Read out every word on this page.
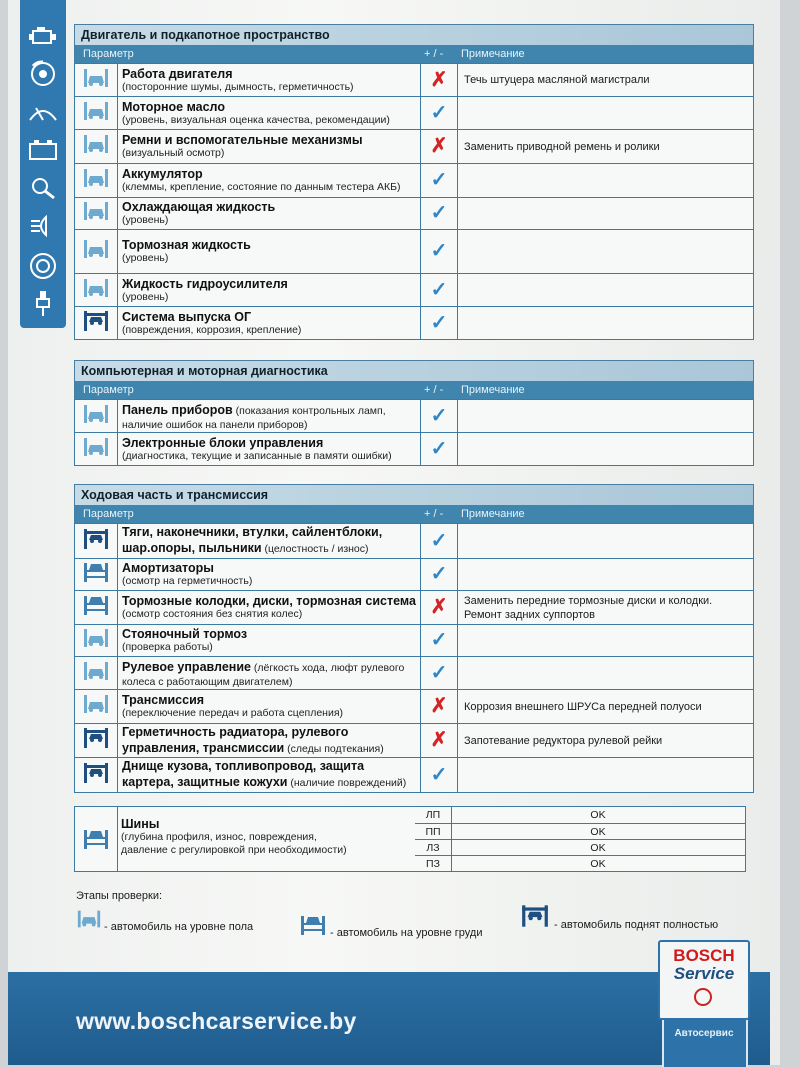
Двигатель и подкапотное пространство
Параметр	+ / - Примечание

Работа двигателя
(посторонние шумы, дымность, герметичность)	✗	Течь штуцера масляной магистрали

Моторное масло
(уровень, визуальная оценка качества, рекомендации)	✓	

Ремни и вспомогательные механизмы
(визуальный осмотр)	✗	Заменить приводной ремень и ролики

Аккумулятор
(клеммы, крепление, состояние по данным тестера АКБ)	✓	

Охлаждающая жидкость
(уровень)	✓	

Тормозная жидкость
(уровень)	✓	

Жидкость гидроусилителя
(уровень)	✓	

Система выпуска ОГ
(повреждения, коррозия, крепление)	✓	
Компьютерная и моторная диагностика
Параметр	+ / - Примечание

Панель приборов (показания контрольных ламп,
наличие ошибок на панели приборов)	✓	

Электронные блоки управления
(диагностика, текущие и записанные в памяти ошибки)	✓	
Ходовая часть и трансмиссия
Параметр	+ / - Примечание

Тяги, наконечники, втулки, сайлентблоки,
шар.опоры, пыльники (целостность / износ)	✓	

Амортизаторы
(осмотр на герметичность)	✓	

Тормозные колодки, диски, тормозная система
(осмотр состояния без снятия колес)	✗	Заменить передние тормозные диски и колодки. Ремонт задних суппортов

Стояночный тормоз
(проверка работы)	✓	

Рулевое управление (лёгкость хода, люфт рулевого
колеса с работающим двигателем)	✓	

Трансмиссия
(переключение передач и работа сцепления)	✗	Коррозия внешнего ШРУСа передней полуоси

Герметичность радиатора, рулевого
управления, трансмиссии (следы подтекания)	✗	Запотевание редуктора рулевой рейки

Днище кузова, топливопровод, защита
картера, защитные кожухи (наличие повреждений)	✓	
Шины
(глубина профиля, износ, повреждения,
давление с регулировкой при необходимости)
ЛП	OK
ПП	OK
ЛЗ	OK
ПЗ	OK
Этапы проверки:
- автомобиль на уровне пола	- автомобиль на уровне груди
- автомобиль поднят полностью
www.boschcarservice.by
BOSCH
Service
Автосервис
